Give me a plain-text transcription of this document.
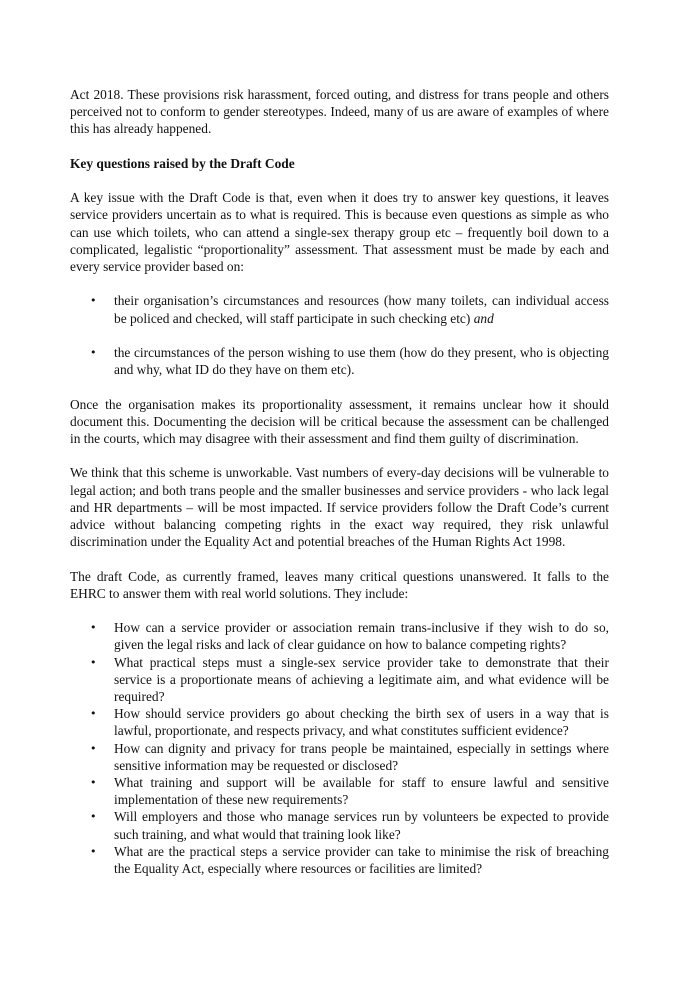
Act 2018. These provisions risk harassment, forced outing, and distress for trans people and others perceived not to conform to gender stereotypes. Indeed, many of us are aware of examples of where this has already happened.

Key questions raised by the Draft Code

A key issue with the Draft Code is that, even when it does try to answer key questions, it leaves service providers uncertain as to what is required. This is because even questions as simple as who can use which toilets, who can attend a single-sex therapy group etc – frequently boil down to a complicated, legalistic “proportionality” assessment. That assessment must be made by each and every service provider based on:

• their organisation’s circumstances and resources (how many toilets, can individual access be policed and checked, will staff participate in such checking etc) and
• the circumstances of the person wishing to use them (how do they present, who is objecting and why, what ID do they have on them etc).

Once the organisation makes its proportionality assessment, it remains unclear how it should document this. Documenting the decision will be critical because the assessment can be challenged in the courts, which may disagree with their assessment and find them guilty of discrimination.

We think that this scheme is unworkable. Vast numbers of every-day decisions will be vulnerable to legal action; and both trans people and the smaller businesses and service providers - who lack legal and HR departments – will be most impacted. If service providers follow the Draft Code’s current advice without balancing competing rights in the exact way required, they risk unlawful discrimination under the Equality Act and potential breaches of the Human Rights Act 1998.

The draft Code, as currently framed, leaves many critical questions unanswered. It falls to the EHRC to answer them with real world solutions. They include:

• How can a service provider or association remain trans-inclusive if they wish to do so, given the legal risks and lack of clear guidance on how to balance competing rights?
• What practical steps must a single-sex service provider take to demonstrate that their service is a proportionate means of achieving a legitimate aim, and what evidence will be required?
• How should service providers go about checking the birth sex of users in a way that is lawful, proportionate, and respects privacy, and what constitutes sufficient evidence?
• How can dignity and privacy for trans people be maintained, especially in settings where sensitive information may be requested or disclosed?
• What training and support will be available for staff to ensure lawful and sensitive implementation of these new requirements?
• Will employers and those who manage services run by volunteers be expected to provide such training, and what would that training look like?
• What are the practical steps a service provider can take to minimise the risk of breaching the Equality Act, especially where resources or facilities are limited?
